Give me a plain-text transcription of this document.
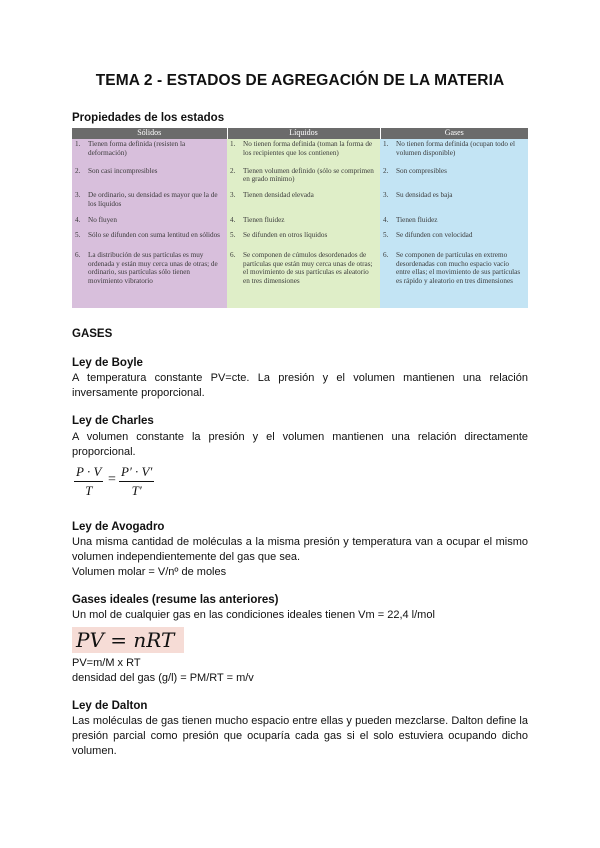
TEMA 2 - ESTADOS DE AGREGACIÓN DE LA MATERIA
Propiedades de los estados
Sólidos	Líquidos	Gases

1. Tienen forma definida (resisten la deformación)	1. No tienen forma definida (toman la forma de los recipientes que los contienen)	1. No tienen forma definida (ocupan todo el volumen disponible)

2. Son casi incompresibles	2. Tienen volumen definido (sólo se comprimen en grado mínimo)	2. Son compresibles

3. De ordinario, su densidad es mayor que la de los líquidos	3. Tienen densidad elevada	3. Su densidad es baja

4. No fluyen	4. Tienen fluidez	4. Tienen fluidez

5. Sólo se difunden con suma lentitud en sólidos	5. Se difunden en otros líquidos	5. Se difunden con velocidad

6. La distribución de sus partículas es muy ordenada y están muy cerca unas de otras; de ordinario, sus partículas sólo tienen movimiento vibratorio	6. Se componen de cúmulos desordenados de partículas que están muy cerca unas de otras; el movimiento de sus partículas es aleatorio en tres dimensiones	6. Se componen de partículas en extremo desordenadas con mucho espacio vacío entre ellas; el movimiento de sus partículas es rápido y aleatorio en tres dimensiones
GASES
Ley de Boyle
A temperatura constante PV=cte. La presión y el volumen mantienen una relación inversamente proporcional.
Ley de Charles
A volumen constante la presión y el volumen mantienen una relación directamente proporcional.
$\frac{P \cdot V}{T} = \frac{P' \cdot V'}{T'}$
Ley de Avogadro
Una misma cantidad de moléculas a la misma presión y temperatura van a ocupar el mismo volumen independientemente del gas que sea.
Volumen molar = V/nº de moles
Gases ideales (resume las anteriores)
Un mol de cualquier gas en las condiciones ideales tienen Vm = 22,4 l/mol
PV = nRT
PV=m/M x RT
densidad del gas (g/l) = PM/RT = m/v
Ley de Dalton
Las moléculas de gas tienen mucho espacio entre ellas y pueden mezclarse. Dalton define la presión parcial como presión que ocuparía cada gas si el solo estuviera ocupando dicho volumen.
